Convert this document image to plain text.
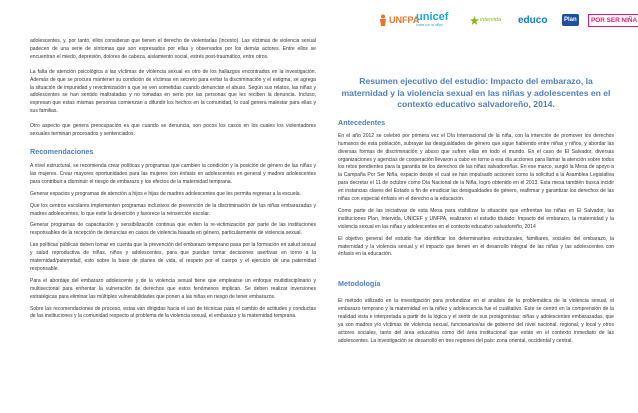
adolescentes, y, por tanto, ellos consideran que tienen el derecho de violentarlas (incesto). Las víctimas de violencia sexual padecen de una serie de síntomas que son expresados por ellas y observados por los demás actores. Entre ellos se encuentran el miedo, depresión, dolores de cabeza, aislamiento social, estrés post-traumático, entre otros.

La falta de atención psicológica a las víctimas de violencia sexual es otro de los hallazgos encontrados en la investigación. Además de que se procura mantener su condición de víctimas en secreto para evitar la discriminación y el estigma, se agrega la situación de impunidad y revictimización a que se ven sometidas cuando denuncian el abuso. Según sus relatos, las niñas y adolescentes se han sentido maltratadas y no tomadas en serio por las personas que les reciben la denuncia. Incluso, expresan que estas mismas personas comienzan a difundir los hechos en la comunidad, lo cual genera malestar para ellas y sus familias.

Otro aspecto que genera preocupación es que cuando se denuncia, son pocos los casos en los cuales los violentadores sexuales terminan procesados y sentenciados.

Recomendaciones

A nivel estructural, se recomienda crear políticas y programas que cambien la condición y la posición de género de las niñas y las mujeres. Crear mayores oportunidades para las mujeres con énfasis en adolescentes en general y madres adolescentes para contribuir a disminuir el riesgo de embarazo y los efectos de la maternidad temprana.

Generar espacios y programas de atención a hijos e hijas de madres adolescentes que les permita regresar a la escuela.

Que los centros escolares implementen programas inclusivos de prevención de la discriminación de las niñas embarazadas y madres adolescentes, lo que evite la deserción y favorece la reinserción escolar.

Generar programas de capacitación y sensibilización continua que eviten la re-victimización por parte de las instituciones responsables de la recepción de denuncias en casos de violencia basada en género, particularmente de violencia sexual.

Las políticas públicas deben tomar en cuenta que la prevención del embarazo temprano pasa por la formación en salud sexual y salud reproductiva de niñas, niños y adolescentes, para que puedan tomar decisiones asertivas en torno a la maternidad/paternidad, esto sobre la base de planes de vida, el respeto por el cuerpo y el ejercicio de una paternidad responsable.

Para el abordaje del embarazo adolescente y de la violencia sexual tiene que emplearse un enfoque multidisciplinario y multisectorial para enfrentar la vulneración de derechos que estos fenómenos implican. Se deben realizar inversiones estratégicas para eliminar las múltiples vulnerabilidades que ponen a las niñas en riesgo de tener embarazos.

Sobre las recomendaciones de proceso, estas van dirigidas hacia el uso de técnicas para el cambio de actitudes y conductas de las instituciones y la comunidad respecto al problema de la violencia sexual, el embarazo y la maternidad temprana.

UNFPA
unicef
únete por la niñez
intervida educo	Plan	POR SER NIÑA

Resumen ejecutivo del estudio: Impacto del embarazo, la maternidad y la violencia sexual en las niñas y adolescentes en el contexto educativo salvadoreño, 2014.

Antecedentes

En el año 2012 se celebró por primera vez el Día Internacional de la niña, con la intención de promover los derechos humanos de esta población, subrayar las desigualdades de género que sigue habiendo entre niñas y niños, y abordar las diversas formas de discriminación y abuso que sufren ellas en todo el mundo. En el caso de El Salvador, diversas organizaciones y agencias de cooperación llevaron a cabo en torno a esa día acciones para llamar la atención sobre todos los retos pendientes para la garantía de los derechos de las niñas salvadoreñas. En ese marco, surgió la Mesa de apoyo a la Campaña Por Ser Niña, espacio desde el cual se han impulsado acciones como la solicitud a la Asamblea Legislativa para decretar el 11 de octubre como Día Nacional de la Niña, logro obtenido en el 2013. Esta mesa también busca incidir en instancias claves del Estado a fin de erradicar las desigualdades de género, reafirmar y garantizar los derechos de las niñas con especial énfasis en el derecho a la educación.

Como parte de las iniciativas de esta Mesa para visibilizar la situación que enfrentan las niñas en El Salvador, las instituciones Plan, Intervida, UNICEF y UNFPA, realizaron el estudio titulado: Impacto del embarazo, la maternidad y la violencia sexual en las niñas y adolescentes en el contexto educativo salvadoreño, 2014

El objetivo general del estudio fue identificar los determinantes estructurales, familiares, sociales del embarazo, la maternidad y la violencia sexual y el impacto que tienen en el desarrollo integral de las niñas y las adolescentes con énfasis en la educación.

Metodología

El método utilizado en la investigación para profundizar en el análisis de la problemática de la violencia sexual, el embarazo temprano y la maternidad en la niñez y adolescencia fue el cualitativo. Este se centró en la comprensión de la realidad vista e interpretada a partir de la lógica y el sentir de sus protagonistas: niñas y adolescentes embarazadas, que ya son madres y/o víctimas de violencia sexual, funcionarios/as de gobierno del nivel nacional, regional, y local y otros actores sociales, tanto del área educativa como del área institucional que están en el contexto inmediato de las adolescentes. La investigación se desarrolló en tres regiones del país: zona oriental, occidental y central.
